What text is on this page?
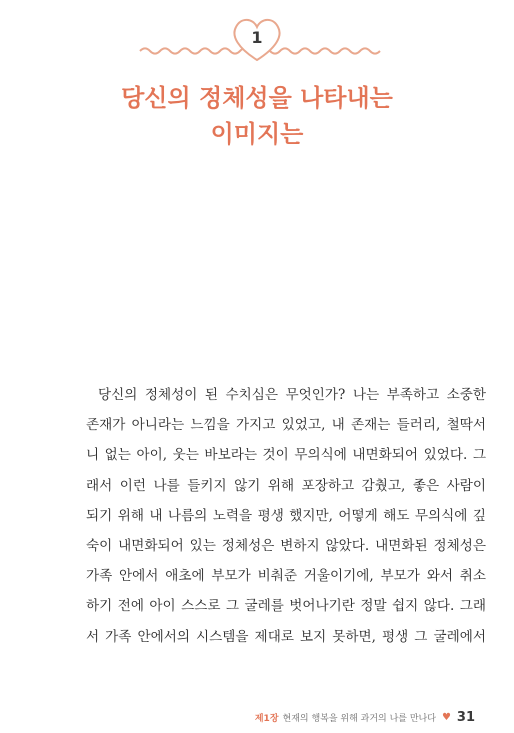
1
당신의 정체성을 나타내는
이미지는
당신의 정체성이 된 수치심은 무엇인가? 나는 부족하고 소중한
존재가 아니라는 느낌을 가지고 있었고, 내 존재는 들러리, 철딱서
니 없는 아이, 웃는 바보라는 것이 무의식에 내면화되어 있었다. 그
래서 이런 나를 들키지 않기 위해 포장하고 감췄고, 좋은 사람이
되기 위해 내 나름의 노력을 평생 했지만, 어떻게 해도 무의식에 깊
숙이 내면화되어 있는 정체성은 변하지 않았다. 내면화된 정체성은
가족 안에서 애초에 부모가 비춰준 거울이기에, 부모가 와서 취소
하기 전에 아이 스스로 그 굴레를 벗어나기란 정말 쉽지 않다. 그래
서 가족 안에서의 시스템을 제대로 보지 못하면, 평생 그 굴레에서
제1장 현재의 행복을 위해 과거의 나를 만나다 ♥ 31
